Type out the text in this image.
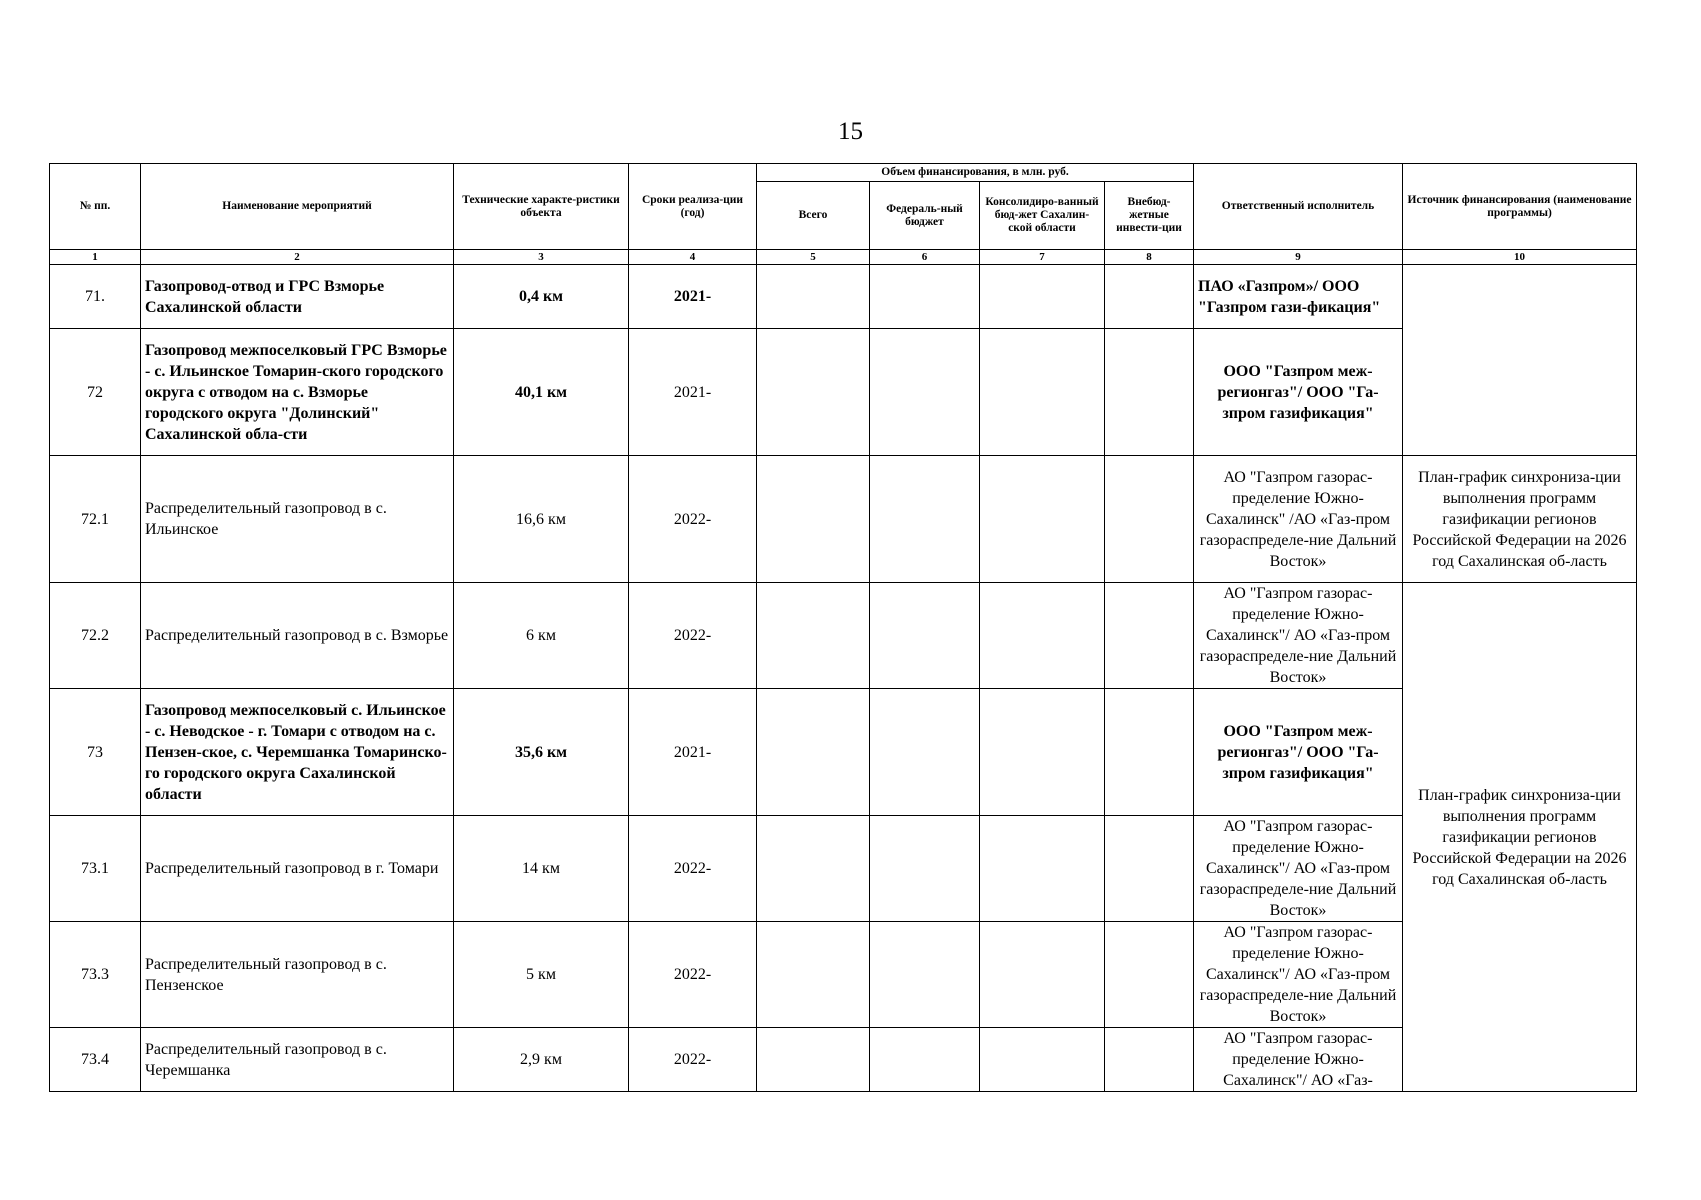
15
№ пп.	Наименование мероприятий	Технические характе-ристики объекта	Сроки реализа-ции (год)	Объем финансирования, в млн. руб.				Ответственный исполнитель	Источник финансирования (наименование программы)
				Всего	Федераль-ный бюджет	Консолидиро-ванный бюд-жет Сахалин-ской области	Внебюд-жетные инвести-ции		
1	2	3	4	5	6	7	8	9	10
71.	Газопровод-отвод и ГРС Взморье Сахалинской области	0,4 км	2021-					ПАО «Газпром»/ ООО "Газпром гази-фикация"	
72	Газопровод межпоселковый ГРС Взморье - с. Ильинское Томарин-ского городского округа с отводом на с. Взморье городского округа "Долинский" Сахалинской обла-сти	40,1 км	2021-					ООО "Газпром меж-регионгаз"/ ООО "Га-зпром газификация"	
72.1	Распределительный газопровод в с. Ильинское	16,6 км	2022-					АО "Газпром газорас-пределение Южно-Сахалинск" /АО «Газ-пром газораспределе-ние Дальний Восток»	План-график синхрониза-ции выполнения программ газификации регионов Российской Федерации на 2026 год Сахалинская об-ласть
72.2	Распределительный газопровод в с. Взморье	6 км	2022-					АО "Газпром газорас-пределение Южно-Сахалинск"/ АО «Газ-пром газораспределе-ние Дальний Восток»	План-график синхрониза-ции выполнения программ газификации регионов Российской Федерации на 2026 год Сахалинская об-ласть
73	Газопровод межпоселковый с. Ильинское - с. Неводское - г. Томари с отводом на с. Пензен-ское, с. Черемшанка Томаринско-го городского округа Сахалинской области	35,6 км	2021-					ООО "Газпром меж-регионгаз"/ ООО "Га-зпром газификация"	
73.1	Распределительный газопровод в г. Томари	14 км	2022-					АО "Газпром газорас-пределение Южно-Сахалинск"/ АО «Газ-пром газораспределе-ние Дальний Восток»	
73.3	Распределительный газопровод в с. Пензенское	5 км	2022-					АО "Газпром газорас-пределение Южно-Сахалинск"/ АО «Газ-пром газораспределе-ние Дальний Восток»	
73.4	Распределительный газопровод в с. Черемшанка	2,9 км	2022-					АО "Газпром газорас-пределение Южно-Сахалинск"/ АО «Газ-	
